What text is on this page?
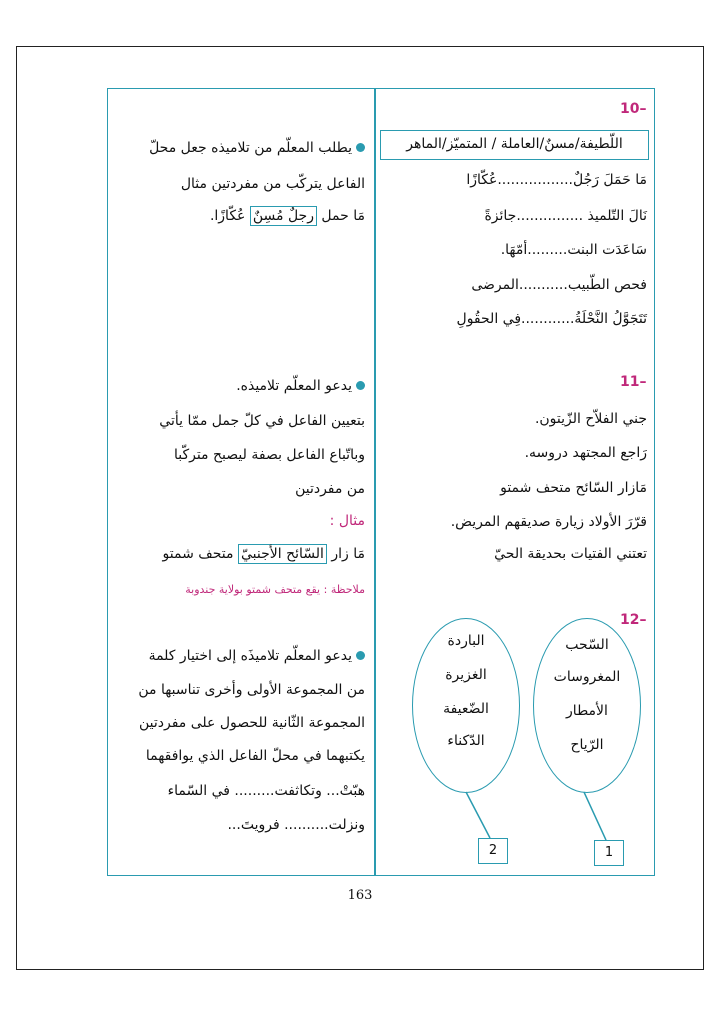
10–
اللّطيفة/مسنٌ/العاملة / المتميّز/الماهر
مَا حَمَلَ رَجُلٌ.................عُكّازًا
نَالَ التّلميذ ...............جائزةً
سَاعَدَت البنت.........أمّهَا.
فحص الطّبيب...........المرضى
تَتَجَوَّلُ النَّحْلَةُ............فِي الحقُولِ
11–
جني الفلاّح الزّيتون.
رَاجع المجتهد دروسه.
مَازار السّائح متحف شمتو
قرّرَ الأولاد زيارة صديقهم المريض.
تعتني الفتيات بحديقة الحيّ
12–
السّحب
المغروسات
الأمطار
الرّياح
الباردة
الغزيرة
الضّعيفة
الدّكناء
1
2
يطلب المعلّم من تلاميذه جعل محلّ
الفاعل يتركّب من مفردتين مثال
مَا حمل رجلٌ مُسِنٌ عُكّازًا.
يدعو المعلّم تلاميذه.
بتعيين الفاعل في كلّ جمل ممّا يأتي
وباتّباع الفاعل بصفة ليصبح متركّبا
من مفردتين
مثال :
مَا زار السّائح الأجنبيّ متحف شمتو
ملاحظة : يقع متحف شمتو بولاية جندوبة
يدعو المعلّم تلاميذَه إلى اختيار كلمة
من المجموعة الأولى وأخرى تناسبها من
المجموعة الثّانية للحصول على مفردتين
يكتبهما في محلّ الفاعل الذي يوافقهما
هبّتْ... وتكاثفت......... في السّماء
ونزلت.......... فرويتَ...
163
